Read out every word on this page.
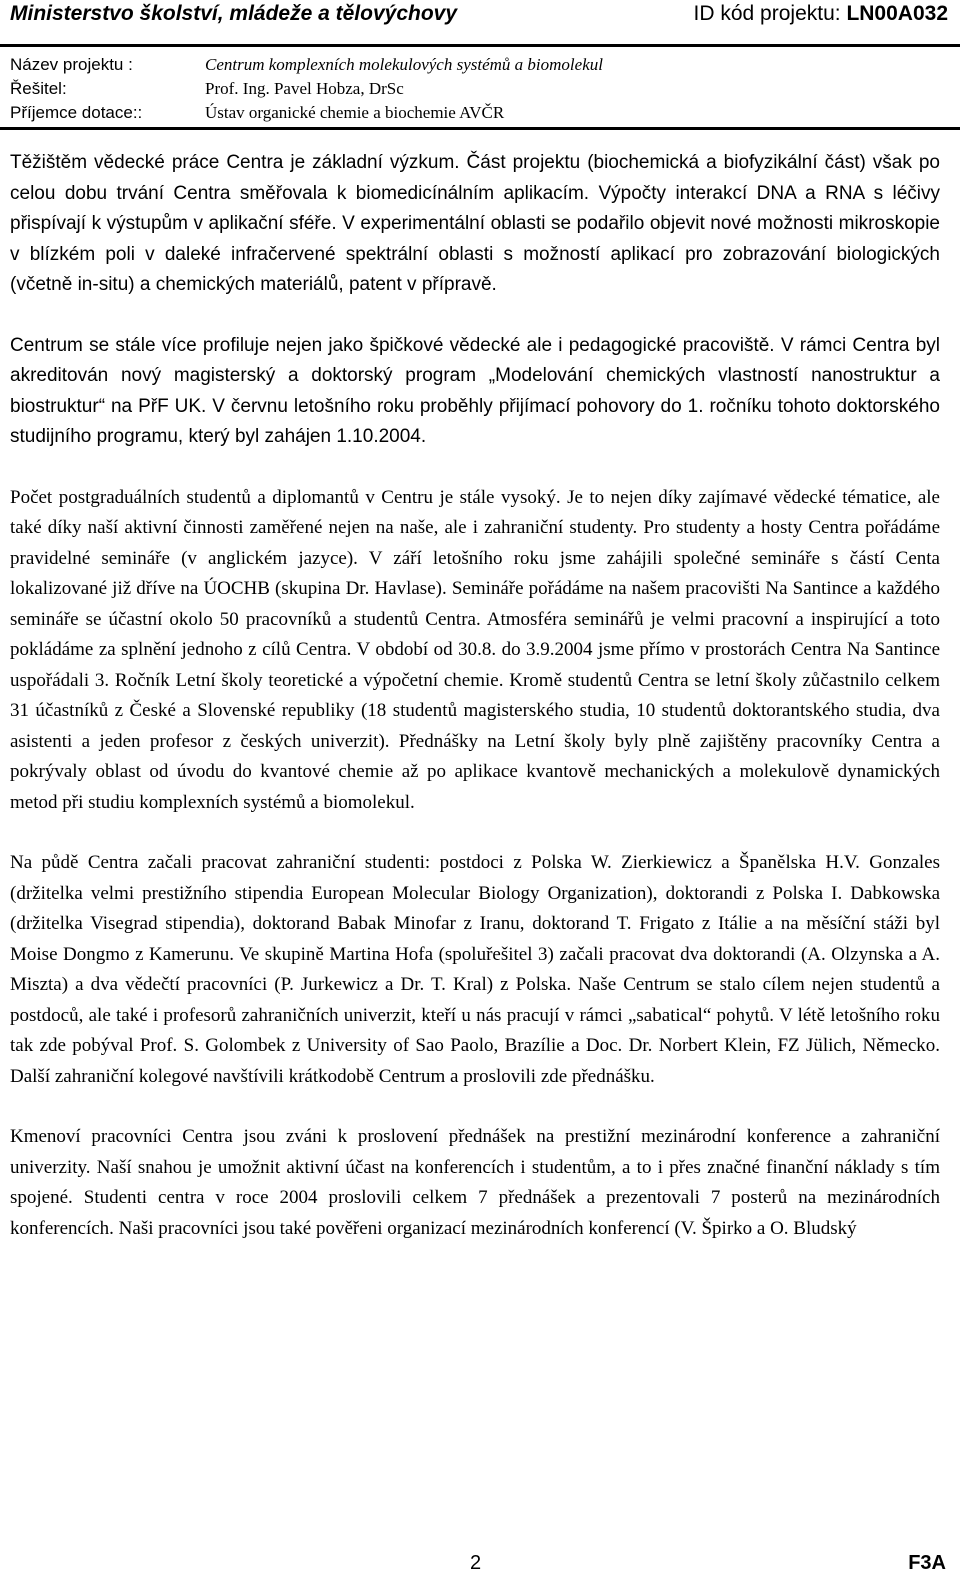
Ministerstvo školství, mládeže a tělovýchovy	ID kód projektu: LN00A032
Název projektu :	Centrum komplexních molekulových systémů a biomolekul
Řešitel:	Prof. Ing. Pavel Hobza, DrSc
Příjemce dotace::	Ústav organické chemie a biochemie AVČR

Těžištěm vědecké práce Centra je základní výzkum. Část projektu (biochemická a biofyzikální část) však po celou dobu trvání Centra směřovala k biomedicínálním aplikacím. Výpočty interakcí DNA a RNA s léčivy přispívají k výstupům v aplikační sféře. V experimentální oblasti se podařilo objevit nové možnosti mikroskopie v blízkém poli v daleké infračervené spektrální oblasti s možností aplikací pro zobrazování biologických (včetně in-situ) a chemických materiálů, patent v přípravě.

Centrum se stále více profiluje nejen jako špičkové vědecké ale i pedagogické pracoviště. V rámci Centra byl akreditován nový magisterský a doktorský program „Modelování chemických vlastností nanostruktur a biostruktur“ na PřF UK. V červnu letošního roku proběhly přijímací pohovory do 1. ročníku tohoto doktorského studijního programu, který byl zahájen 1.10.2004.

Počet postgraduálních studentů a diplomantů v Centru je stále vysoký. Je to nejen díky zajímavé vědecké tématice, ale také díky naší aktivní činnosti zaměřené nejen na naše, ale i zahraniční studenty. Pro studenty a hosty Centra pořádáme pravidelné semináře (v anglickém jazyce). V září letošního roku jsme zahájili společné semináře s částí Centa lokalizované již dříve na ÚOCHB (skupina Dr. Havlase). Semináře pořádáme na našem pracovišti Na Santince a každého semináře se účastní okolo 50 pracovníků a studentů Centra. Atmosféra seminářů je velmi pracovní a inspirující a toto pokládáme za splnění jednoho z cílů Centra. V období od 30.8. do 3.9.2004 jsme přímo v prostorách Centra Na Santince uspořádali 3. Ročník Letní školy teoretické a výpočetní chemie. Kromě studentů Centra se letní školy zůčastnilo celkem 31 účastníků z České a Slovenské republiky (18 studentů magisterského studia, 10 studentů doktorantského studia, dva asistenti a jeden profesor z českých univerzit). Přednášky na Letní školy byly plně zajištěny pracovníky Centra a pokrývaly oblast od úvodu do kvantové chemie až po aplikace kvantově mechanických a molekulově dynamických metod při studiu komplexních systémů a biomolekul.

Na půdě Centra začali pracovat zahraniční studenti: postdoci z Polska W. Zierkiewicz a Španělska H.V. Gonzales (držitelka velmi prestižního stipendia European Molecular Biology Organization), doktorandi z Polska I. Dabkowska (držitelka Visegrad stipendia), doktorand Babak Minofar z Iranu, doktorand T. Frigato z Itálie a na měsíční stáži byl Moise Dongmo z Kamerunu. Ve skupině Martina Hofa (spoluřešitel 3) začali pracovat dva doktorandi (A. Olzynska a A. Miszta) a dva vědečtí pracovníci (P. Jurkewicz a Dr. T. Kral) z Polska. Naše Centrum se stalo cílem nejen studentů a postdoců, ale také i profesorů zahraničních univerzit, kteří u nás pracují v rámci „sabatical“ pohytů. V létě letošního roku tak zde pobýval Prof. S. Golombek z University of Sao Paolo, Brazílie a Doc. Dr. Norbert Klein, FZ Jülich, Německo. Další zahraniční kolegové navštívili krátkodobě Centrum a proslovili zde přednášku.

Kmenoví pracovníci Centra jsou zváni k proslovení přednášek na prestižní mezinárodní konference a zahraniční univerzity. Naší snahou je umožnit aktivní účast na konferencích i studentům, a to i přes značné finanční náklady s tím spojené. Studenti centra v roce 2004 proslovili celkem 7 přednášek a prezentovali 7 posterů na mezinárodních konferencích. Naši pracovníci jsou také pověřeni organizací mezinárodních konferencí (V. Špirko a O. Bludský

2	F3A
